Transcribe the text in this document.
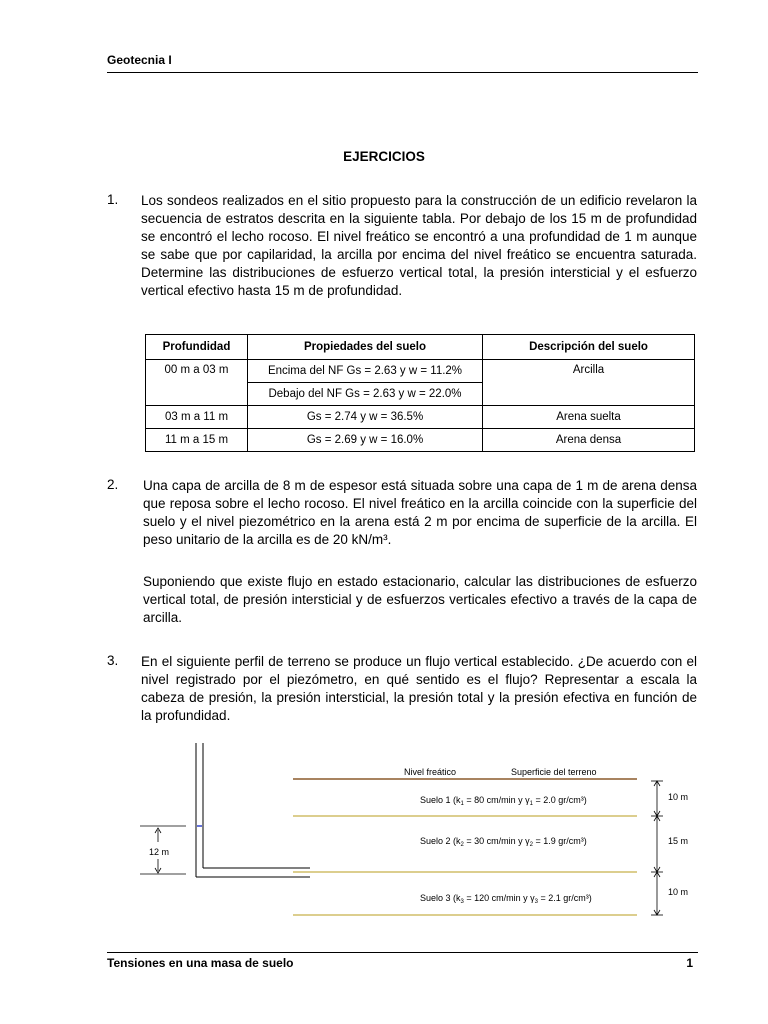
Geotecnia I
EJERCICIOS
1. Los sondeos realizados en el sitio propuesto para la construcción de un edificio revelaron la secuencia de estratos descrita en la siguiente tabla. Por debajo de los 15 m de profundidad se encontró el lecho rocoso. El nivel freático se encontró a una profundidad de 1 m aunque se sabe que por capilaridad, la arcilla por encima del nivel freático se encuentra saturada. Determine las distribuciones de esfuerzo vertical total, la presión intersticial y el esfuerzo vertical efectivo hasta 15 m de profundidad.
Profundidad	Propiedades del suelo	Descripción del suelo
00 m a 03 m	Encima del NF Gs = 2.63 y w = 11.2%	Arcilla
	Debajo del NF Gs = 2.63 y w = 22.0%	
03 m a 11 m	Gs = 2.74 y w = 36.5%	Arena suelta
11 m a 15 m	Gs = 2.69 y w = 16.0%	Arena densa
2. Una capa de arcilla de 8 m de espesor está situada sobre una capa de 1 m de arena densa que reposa sobre el lecho rocoso. El nivel freático en la arcilla coincide con la superficie del suelo y el nivel piezométrico en la arena está 2 m por encima de superficie de la arcilla. El peso unitario de la arcilla es de 20 kN/m³.
Suponiendo que existe flujo en estado estacionario, calcular las distribuciones de esfuerzo vertical total, de presión intersticial y de esfuerzos verticales efectivo a través de la capa de arcilla.
3. En el siguiente perfil de terreno se produce un flujo vertical establecido. ¿De acuerdo con el nivel registrado por el piezómetro, en qué sentido es el flujo? Representar a escala la cabeza de presión, la presión intersticial, la presión total y la presión efectiva en función de la profundidad.
Nivel freático	Superficie del terreno
Suelo 1 ($k_1 = 80$ cm/min y $\gamma_1 = 2.0$ gr/cm³)
Suelo 2 ($k_2 = 30$ cm/min y $\gamma_2 = 1.9$ gr/cm³)
Suelo 3 ($k_3 = 120$ cm/min y $\gamma_3 = 2.1$ gr/cm³)
10 m
15 m
10 m
12 m
Tensiones en una masa de suelo	1
